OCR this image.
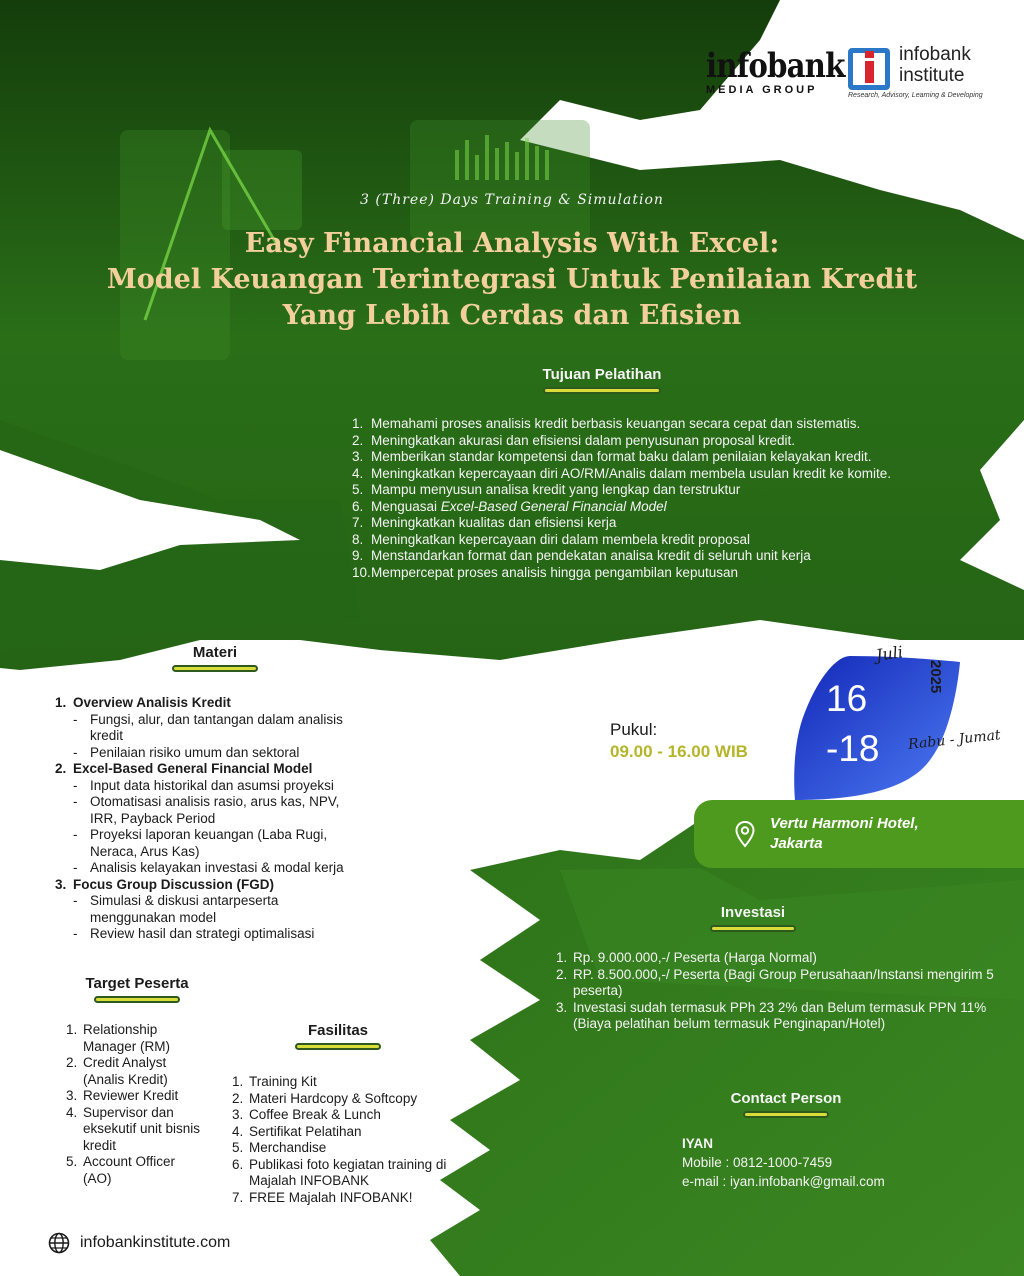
infobank
MEDIA GROUP
infobank
institute
Research, Advisory, Learning & Developing
3 (Three) Days Training & Simulation
Easy Financial Analysis With Excel:
Model Keuangan Terintegrasi Untuk Penilaian Kredit
Yang Lebih Cerdas dan Efisien
Tujuan Pelatihan
1. Memahami proses analisis kredit berbasis keuangan secara cepat dan sistematis.
2. Meningkatkan akurasi dan efisiensi dalam penyusunan proposal kredit.
3. Memberikan standar kompetensi dan format baku dalam penilaian kelayakan kredit.
4. Meningkatkan kepercayaan diri AO/RM/Analis dalam membela usulan kredit ke komite.
5. Mampu menyusun analisa kredit yang lengkap dan terstruktur
6. Menguasai Excel-Based General Financial Model
7. Meningkatkan kualitas dan efisiensi kerja
8. Meningkatkan kepercayaan diri dalam membela kredit proposal
9. Menstandarkan format dan pendekatan analisa kredit di seluruh unit kerja
10. Mempercepat proses analisis hingga pengambilan keputusan
Materi
1. Overview Analisis Kredit
- Fungsi, alur, dan tantangan dalam analisis kredit
- Penilaian risiko umum dan sektoral
2. Excel-Based General Financial Model
- Input data historikal dan asumsi proyeksi
- Otomatisasi analisis rasio, arus kas, NPV, IRR, Payback Period
- Proyeksi laporan keuangan (Laba Rugi, Neraca, Arus Kas)
- Analisis kelayakan investasi & modal kerja
3. Focus Group Discussion (FGD)
- Simulasi & diskusi antarpeserta menggunakan model
- Review hasil dan strategi optimalisasi
Target Peserta
1. Relationship Manager (RM)
2. Credit Analyst (Analis Kredit)
3. Reviewer Kredit
4. Supervisor dan eksekutif unit bisnis kredit
5. Account Officer (AO)
Fasilitas
1. Training Kit
2. Materi Hardcopy & Softcopy
3. Coffee Break & Lunch
4. Sertifikat Pelatihan
5. Merchandise
6. Publikasi foto kegiatan training di Majalah INFOBANK
7. FREE Majalah INFOBANK!
Pukul:
09.00 - 16.00 WIB
Juli
2025
16
-18 Rabu - Jumat
Vertu Harmoni Hotel,
Jakarta
Investasi
1. Rp. 9.000.000,-/ Peserta (Harga Normal)
2. RP. 8.500.000,-/ Peserta (Bagi Group Perusahaan/Instansi mengirim 5 peserta)
3. Investasi sudah termasuk PPh 23 2% dan Belum termasuk PPN 11% (Biaya pelatihan belum termasuk Penginapan/Hotel)
Contact Person
IYAN
Mobile : 0812-1000-7459
e-mail : iyan.infobank@gmail.com
infobankinstitute.com
